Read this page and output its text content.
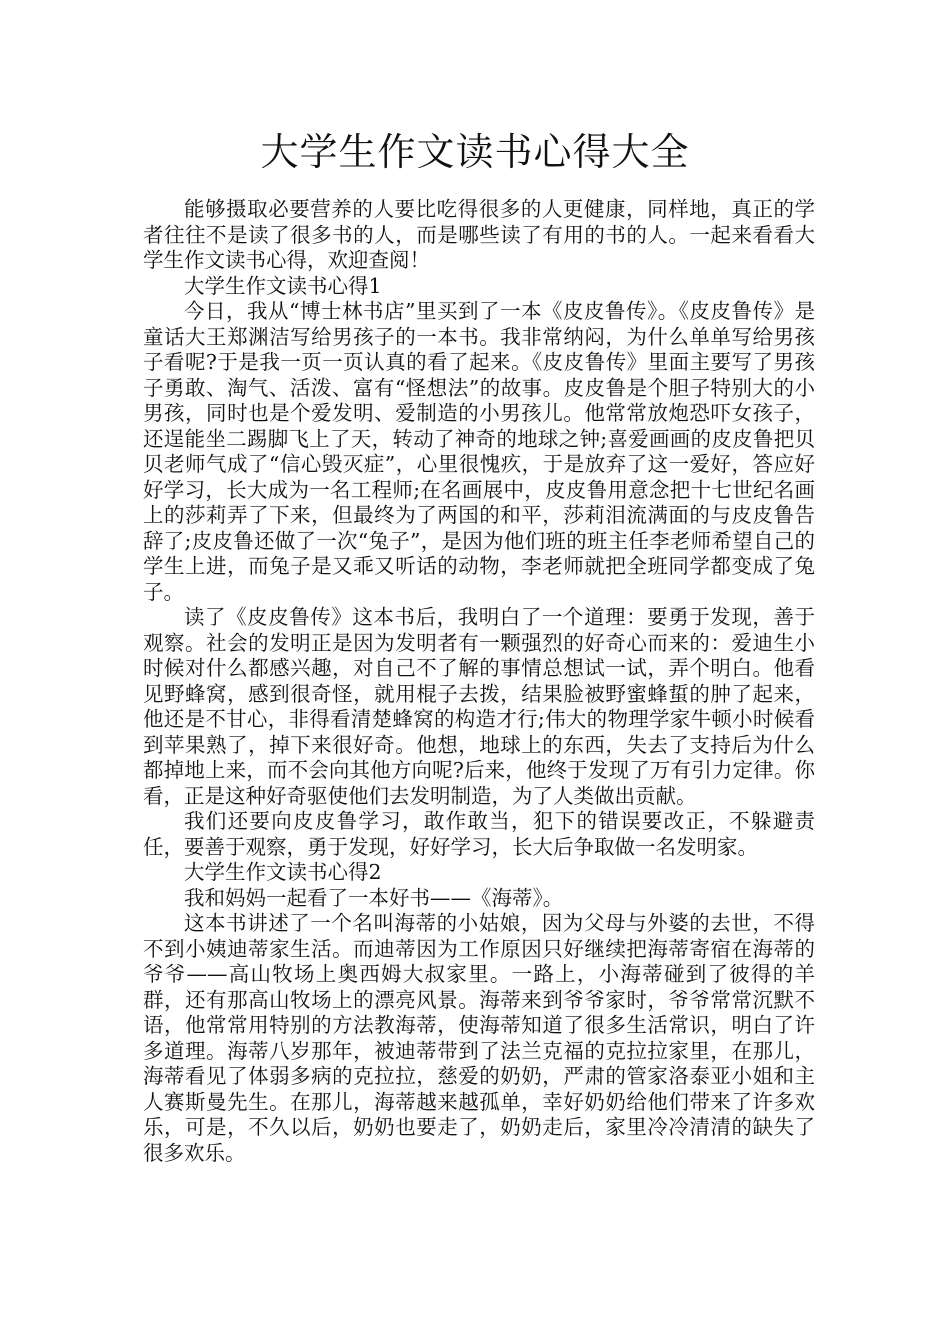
大学生作文读书心得大全

能够摄取必要营养的人要比吃得很多的人更健康，同样地，真正的学者往往不是读了很多书的人，而是哪些读了有用的书的人。一起来看看大学生作文读书心得，欢迎查阅！

大学生作文读书心得1

今日，我从“博士林书店”里买到了一本《皮皮鲁传》。《皮皮鲁传》是童话大王郑渊洁写给男孩子的一本书。我非常纳闷，为什么单单写给男孩子看呢?于是我一页一页认真的看了起来。《皮皮鲁传》里面主要写了男孩子勇敢、淘气、活泼、富有“怪想法”的故事。皮皮鲁是个胆子特别大的小男孩，同时也是个爱发明、爱制造的小男孩儿。他常常放炮恐吓女孩子，还逞能坐二踢脚飞上了天，转动了神奇的地球之钟;喜爱画画的皮皮鲁把贝贝老师气成了“信心毁灭症”，心里很愧疚，于是放弃了这一爱好，答应好好学习，长大成为一名工程师;在名画展中，皮皮鲁用意念把十七世纪名画上的莎莉弄了下来，但最终为了两国的和平，莎莉泪流满面的与皮皮鲁告辞了;皮皮鲁还做了一次“兔子”，是因为他们班的班主任李老师希望自己的学生上进，而兔子是又乖又听话的动物，李老师就把全班同学都变成了兔子。

读了《皮皮鲁传》这本书后，我明白了一个道理：要勇于发现，善于观察。社会的发明正是因为发明者有一颗强烈的好奇心而来的：爱迪生小时候对什么都感兴趣，对自己不了解的事情总想试一试，弄个明白。他看见野蜂窝，感到很奇怪，就用棍子去拨，结果脸被野蜜蜂蜇的肿了起来，他还是不甘心，非得看清楚蜂窝的构造才行;伟大的物理学家牛顿小时候看到苹果熟了，掉下来很好奇。他想，地球上的东西，失去了支持后为什么都掉地上来，而不会向其他方向呢?后来，他终于发现了万有引力定律。你看，正是这种好奇驱使他们去发明制造，为了人类做出贡献。

我们还要向皮皮鲁学习，敢作敢当，犯下的错误要改正，不躲避责任，要善于观察，勇于发现，好好学习，长大后争取做一名发明家。

大学生作文读书心得2

我和妈妈一起看了一本好书——《海蒂》。

这本书讲述了一个名叫海蒂的小姑娘，因为父母与外婆的去世，不得不到小姨迪蒂家生活。而迪蒂因为工作原因只好继续把海蒂寄宿在海蒂的爷爷——高山牧场上奥西姆大叔家里。一路上，小海蒂碰到了彼得的羊群，还有那高山牧场上的漂亮风景。海蒂来到爷爷家时，爷爷常常沉默不语，他常常用特别的方法教海蒂，使海蒂知道了很多生活常识，明白了许多道理。海蒂八岁那年，被迪蒂带到了法兰克福的克拉拉家里，在那儿，海蒂看见了体弱多病的克拉拉，慈爱的奶奶，严肃的管家洛泰亚小姐和主人赛斯曼先生。在那儿，海蒂越来越孤单，幸好奶奶给他们带来了许多欢乐，可是，不久以后，奶奶也要走了，奶奶走后，家里冷冷清清的缺失了很多欢乐。
